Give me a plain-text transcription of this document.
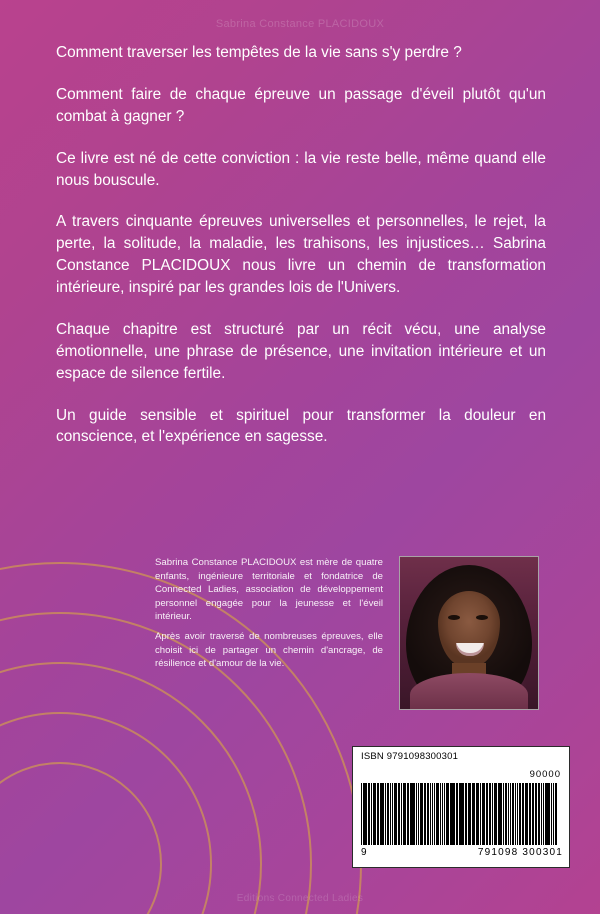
Sabrina Constance PLACIDOUX

Comment traverser les tempêtes de la vie sans s'y perdre ?

Comment faire de chaque épreuve un passage d'éveil plutôt qu'un combat à gagner ?

Ce livre est né de cette conviction : la vie reste belle, même quand elle nous bouscule.

A travers cinquante épreuves universelles et personnelles, le rejet, la perte, la solitude, la maladie, les trahisons, les injustices… Sabrina Constance PLACIDOUX nous livre un chemin de transformation intérieure, inspiré par les grandes lois de l'Univers.

Chaque chapitre est structuré par un récit vécu, une analyse émotionnelle, une phrase de présence, une invitation intérieure et un espace de silence fertile.

Un guide sensible et spirituel pour transformer la douleur en conscience, et l'expérience en sagesse.

Sabrina Constance PLACIDOUX est mère de quatre enfants, ingénieure territoriale et fondatrice de Connected Ladies, association de développement personnel engagée pour la jeunesse et l'éveil intérieur.

Après avoir traversé de nombreuses épreuves, elle choisit ici de partager un chemin d'ancrage, de résilience et d'amour de la vie.

ISBN 9791098300301
90000
9	791098 300301
Editions Connected Ladies
